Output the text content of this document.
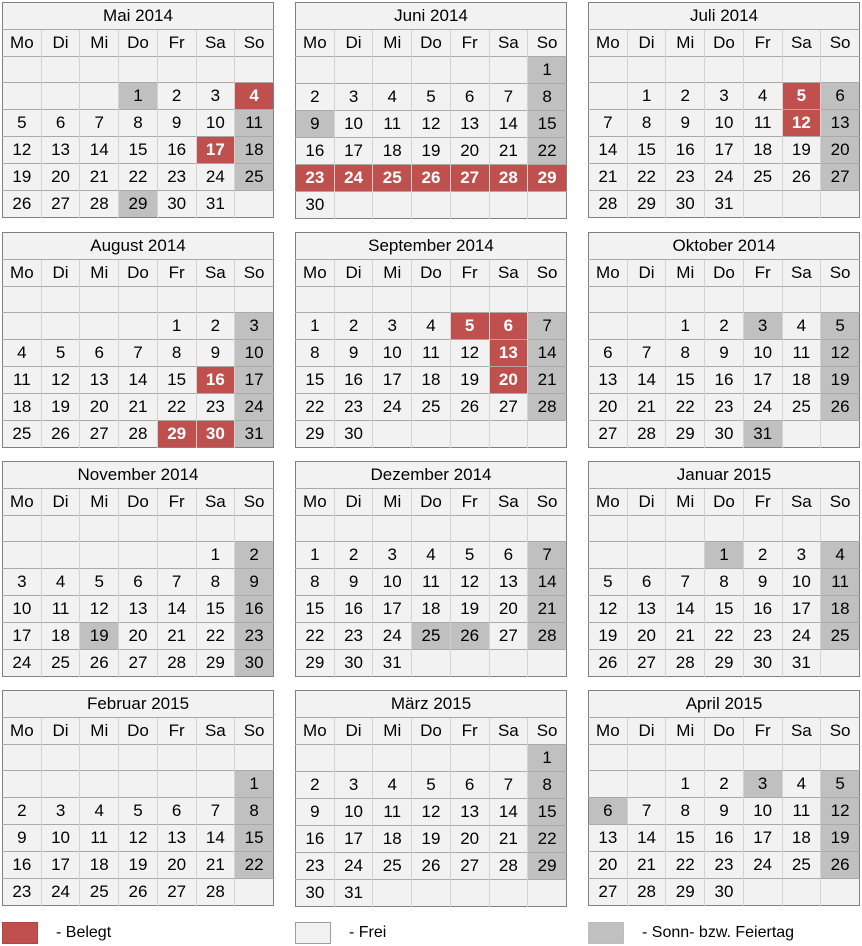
Mai 2014						
Mo	Di	Mi	Do	Fr	Sa	So

			1	2	3	4
5	6	7	8	9	10	11
12	13	14	15	16	17	18
19	20	21	22	23	24	25
26	27	28	29	30	31	
Juni 2014						
Mo	Di	Mi	Do	Fr	Sa	So
						1
2	3	4	5	6	7	8
9	10	11	12	13	14	15
16	17	18	19	20	21	22
23	24	25	26	27	28	29
30						
Juli 2014						
Mo	Di	Mi	Do	Fr	Sa	So

	1	2	3	4	5	6
7	8	9	10	11	12	13
14	15	16	17	18	19	20
21	22	23	24	25	26	27
28	29	30	31			
August 2014						
Mo	Di	Mi	Do	Fr	Sa	So

				1	2	3
4	5	6	7	8	9	10
11	12	13	14	15	16	17
18	19	20	21	22	23	24
25	26	27	28	29	30	31
September 2014						
Mo	Di	Mi	Do	Fr	Sa	So

1	2	3	4	5	6	7
8	9	10	11	12	13	14
15	16	17	18	19	20	21
22	23	24	25	26	27	28
29	30					
Oktober 2014						
Mo	Di	Mi	Do	Fr	Sa	So

		1	2	3	4	5
6	7	8	9	10	11	12
13	14	15	16	17	18	19
20	21	22	23	24	25	26
27	28	29	30	31		
November 2014						
Mo	Di	Mi	Do	Fr	Sa	So

					1	2
3	4	5	6	7	8	9
10	11	12	13	14	15	16
17	18	19	20	21	22	23
24	25	26	27	28	29	30
Dezember 2014						
Mo	Di	Mi	Do	Fr	Sa	So

1	2	3	4	5	6	7
8	9	10	11	12	13	14
15	16	17	18	19	20	21
22	23	24	25	26	27	28
29	30	31				
Januar 2015						
Mo	Di	Mi	Do	Fr	Sa	So

			1	2	3	4
5	6	7	8	9	10	11
12	13	14	15	16	17	18
19	20	21	22	23	24	25
26	27	28	29	30	31	
Februar 2015						
Mo	Di	Mi	Do	Fr	Sa	So

						1
2	3	4	5	6	7	8
9	10	11	12	13	14	15
16	17	18	19	20	21	22
23	24	25	26	27	28	
März 2015						
Mo	Di	Mi	Do	Fr	Sa	So
						1
2	3	4	5	6	7	8
9	10	11	12	13	14	15
16	17	18	19	20	21	22
23	24	25	26	27	28	29
30	31					
April 2015						
Mo	Di	Mi	Do	Fr	Sa	So

		1	2	3	4	5
6	7	8	9	10	11	12
13	14	15	16	17	18	19
20	21	22	23	24	25	26
27	28	29	30			
- Belegt	- Frei	- Sonn- bzw. Feiertag
